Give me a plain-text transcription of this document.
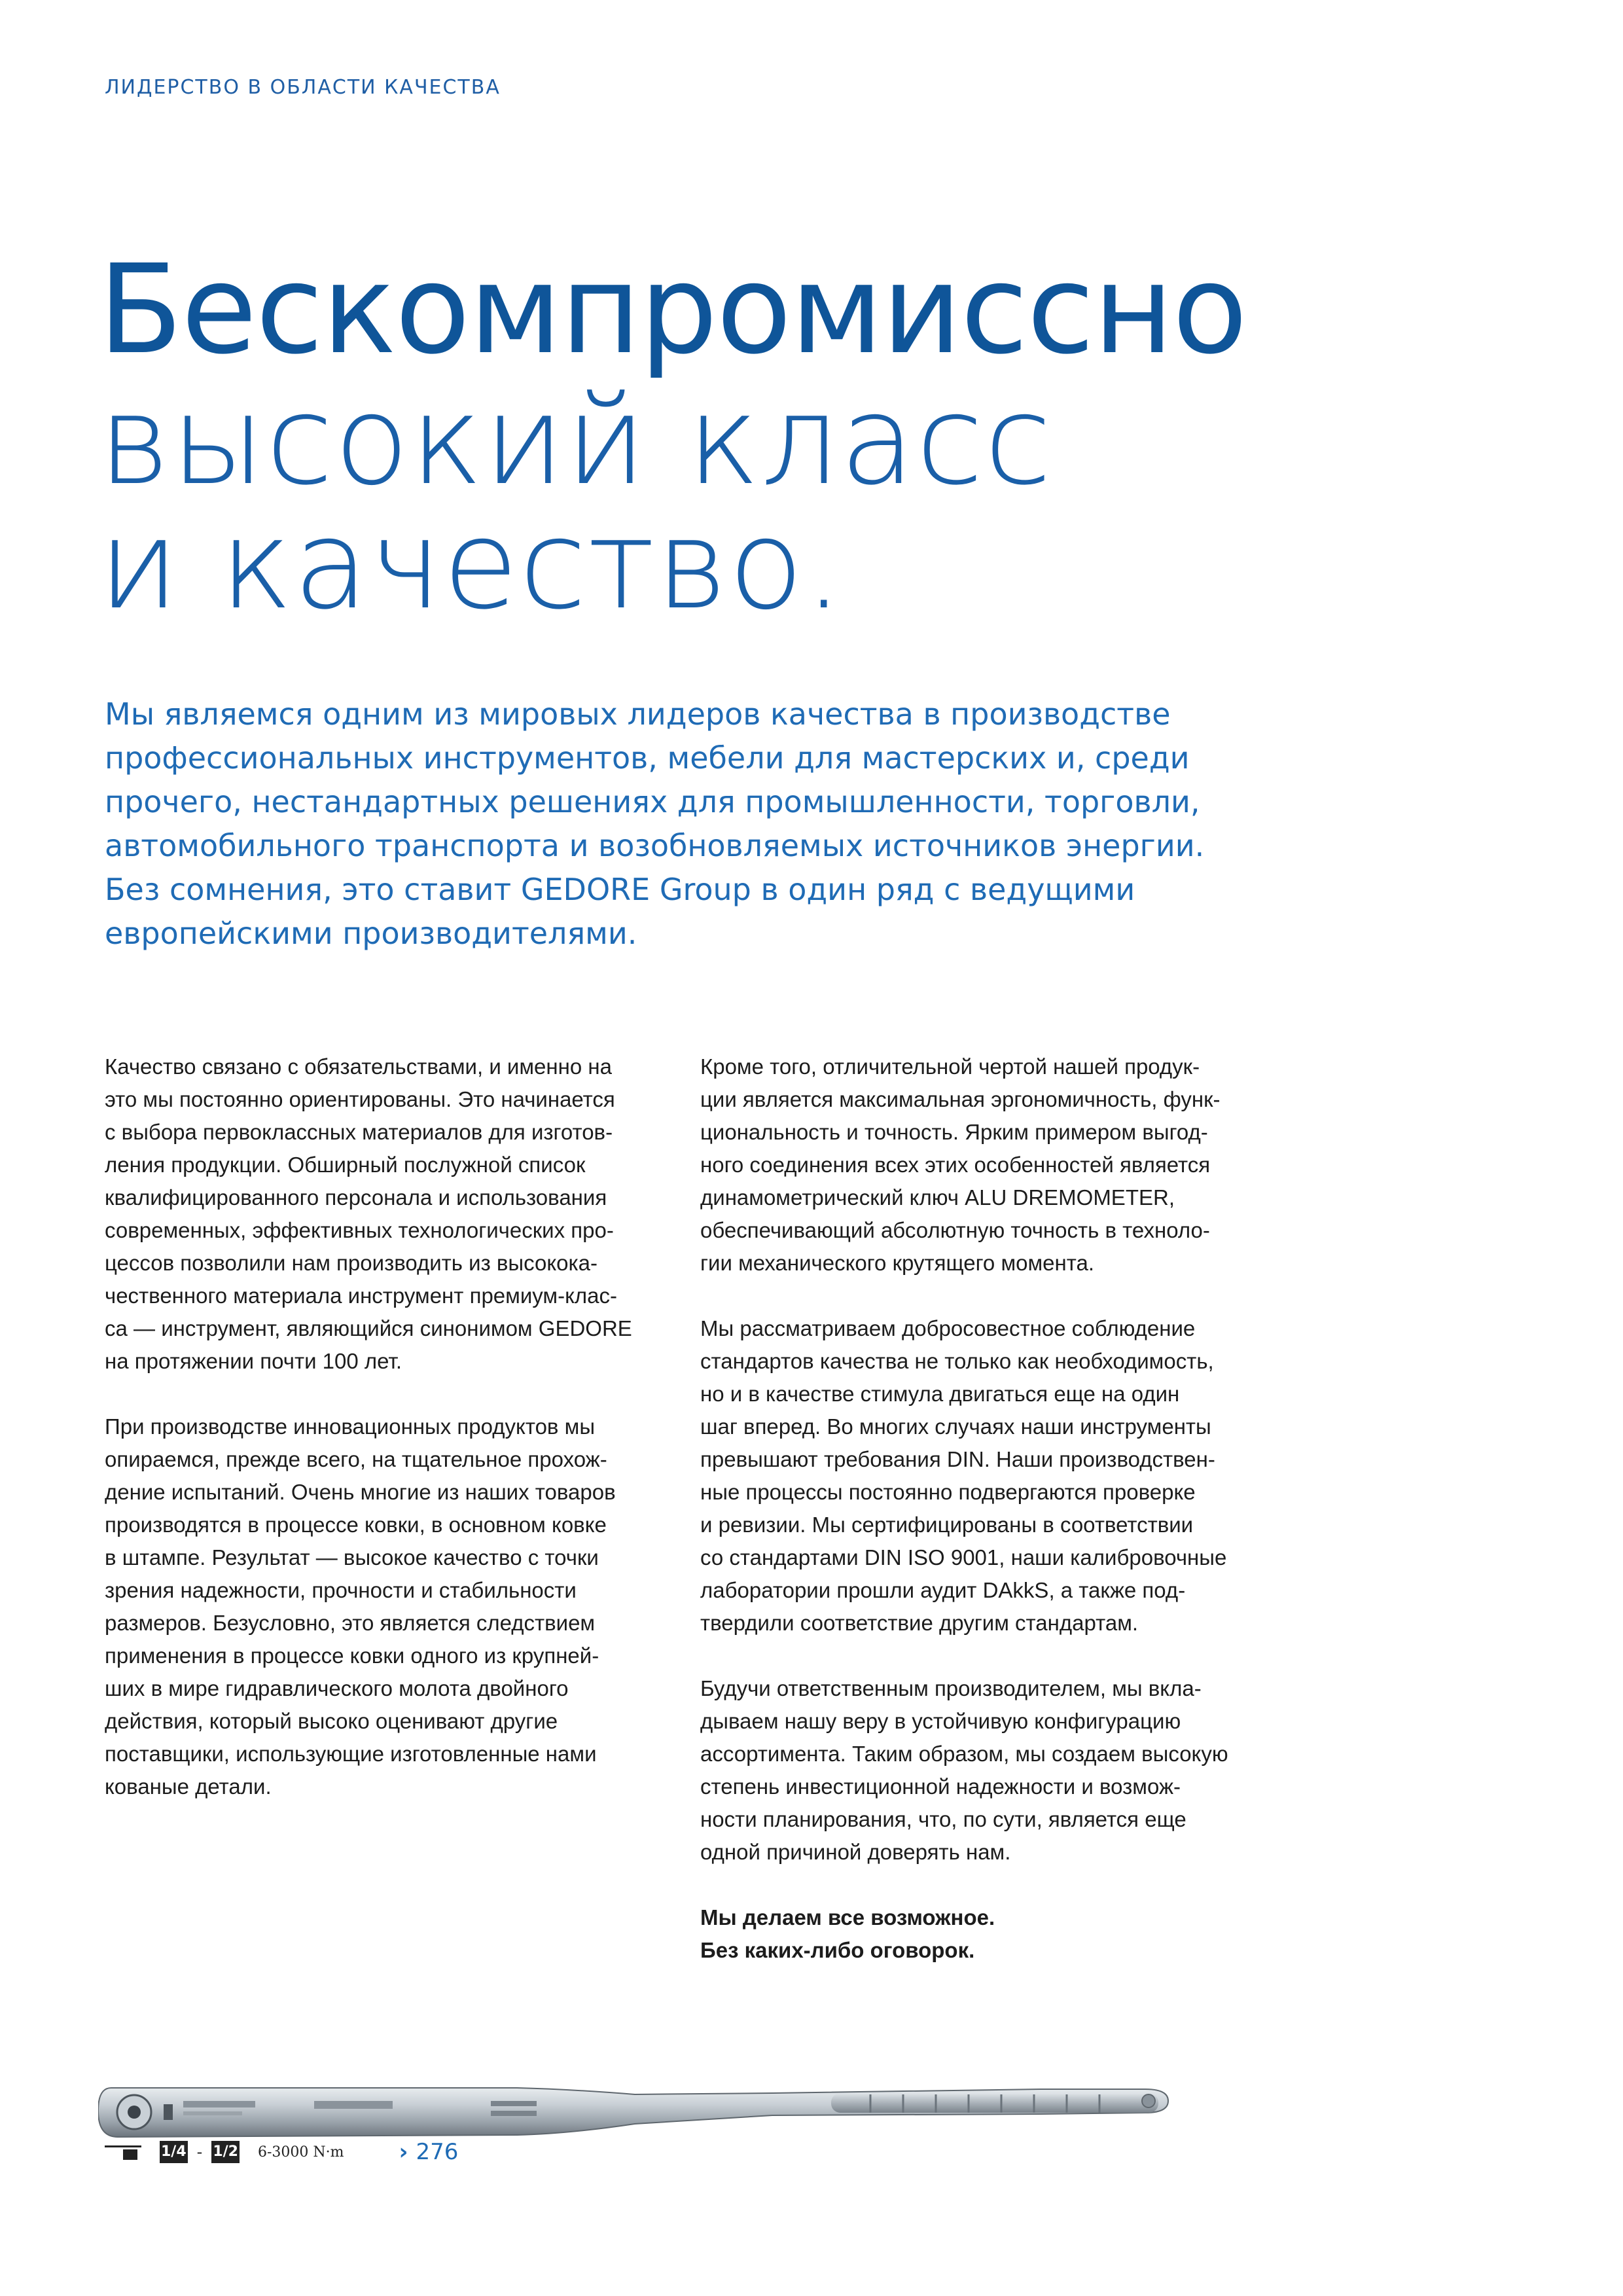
ЛИДЕРСТВО В ОБЛАСТИ КАЧЕСТВА
Бескомпромиссно
высокий класс
и качество.
Мы являемся одним из мировых лидеров качества в производстве
профессиональных инструментов, мебели для мастерских и, среди
прочего, нестандартных решениях для промышленности, торговли,
автомобильного транспорта и возобновляемых источников энергии.
Без сомнения, это ставит GEDORE Group в один ряд с ведущими
европейскими производителями.

Качество связано с обязательствами, и именно на
это мы постоянно ориентированы. Это начинается
с выбора первоклассных материалов для изготов-
ления продукции. Обширный послужной список
квалифицированного персонала и использования
современных, эффективных технологических про-
цессов позволили нам производить из высокока-
чественного материала инструмент премиум-клас-
са — инструмент, являющийся синонимом GEDORE
на протяжении почти 100 лет.

При производстве инновационных продуктов мы
опираемся, прежде всего, на тщательное прохож-
дение испытаний. Очень многие из наших товаров
производятся в процессе ковки, в основном ковке
в штампе. Результат — высокое качество с точки
зрения надежности, прочности и стабильности
размеров. Безусловно, это является следствием
применения в процессе ковки одного из крупней-
ших в мире гидравлического молота двойного
действия, который высоко оценивают другие
поставщики, использующие изготовленные нами
кованые детали.

Кроме того, отличительной чертой нашей продук-
ции является максимальная эргономичность, функ-
циональность и точность. Ярким примером выгод-
ного соединения всех этих особенностей является
динамометрический ключ ALU DREMOMETER,
обеспечивающий абсолютную точность в техноло-
гии механического крутящего момента.

Мы рассматриваем добросовестное соблюдение
стандартов качества не только как необходимость,
но и в качестве стимула двигаться еще на один
шаг вперед. Во многих случаях наши инструменты
превышают требования DIN. Наши производствен-
ные процессы постоянно подвергаются проверке
и ревизии. Мы сертифицированы в соответствии
со стандартами DIN ISO 9001, наши калибровочные
лаборатории прошли аудит DAkkS, а также под-
твердили соответствие другим стандартам.

Будучи ответственным производителем, мы вкла-
дываем нашу веру в устойчивую конфигурацию
ассортимента. Таким образом, мы создаем высокую
степень инвестиционной надежности и возмож-
ности планирования, что, по сути, является еще
одной причиной доверять нам.

Мы делаем все возможное.
Без каких-либо оговорок.

1/4 - 1/2 6-3000 N·m › 276
